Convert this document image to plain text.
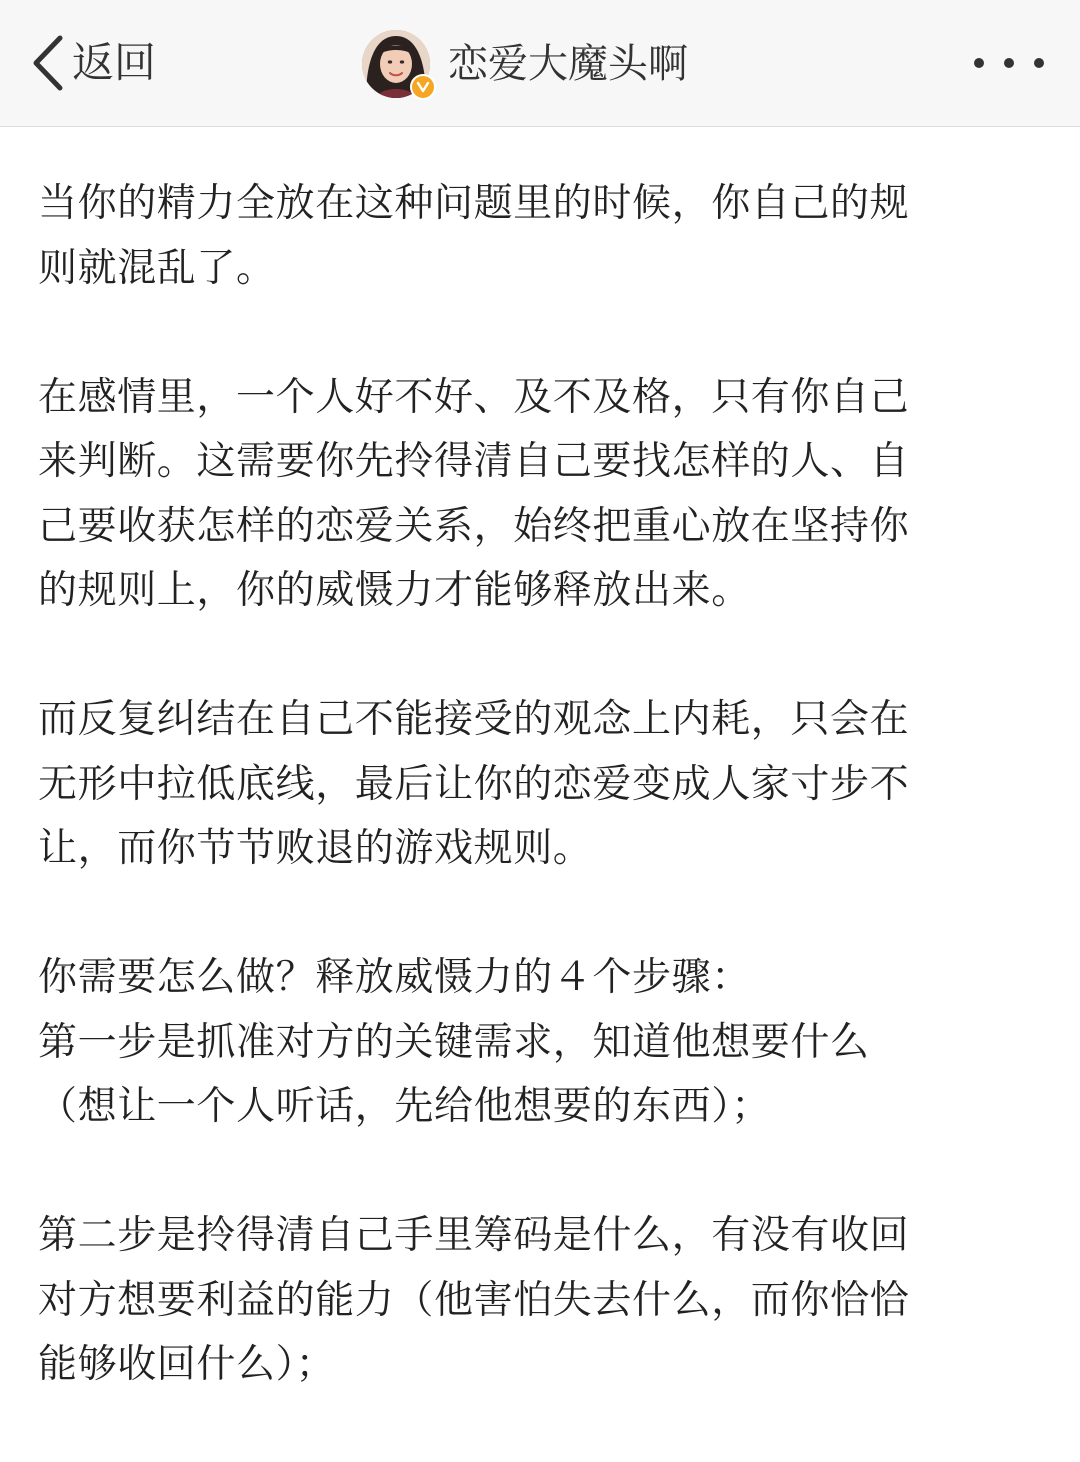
返回	恋爱大魔头啊
当你的精力全放在这种问题里的时候，你自己的规
则就混乱了。
在感情里，一个人好不好、及不及格，只有你自己
来判断。这需要你先拎得清自己要找怎样的人、自
己要收获怎样的恋爱关系，始终把重心放在坚持你
的规则上，你的威慑力才能够释放出来。
而反复纠结在自己不能接受的观念上内耗，只会在
无形中拉低底线，最后让你的恋爱变成人家寸步不
让，而你节节败退的游戏规则。
你需要怎么做？释放威慑力的４个步骤：
第一步是抓准对方的关键需求，知道他想要什么
（想让一个人听话，先给他想要的东西）；
第二步是拎得清自己手里筹码是什么，有没有收回
对方想要利益的能力（他害怕失去什么，而你恰恰
能够收回什么）；
